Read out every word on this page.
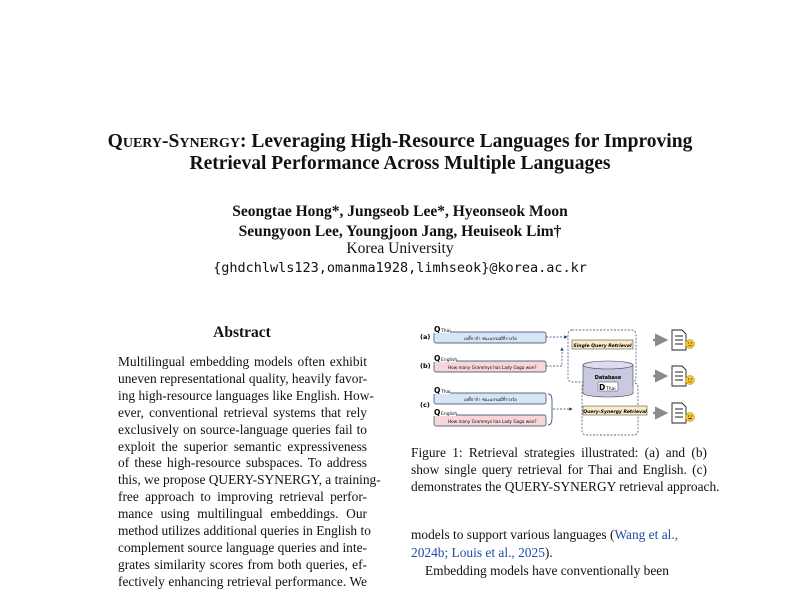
Query-Synergy: Leveraging High-Resource Languages for Improving
Retrieval Performance Across Multiple Languages
Seongtae Hong*, Jungseob Lee*, Hyeonseok Moon
Seungyoon Lee, Youngjoon Jang, Heuiseok Lim†
Korea University
{ghdchlwls123,omanma1928,limhseok}@korea.ac.kr
Abstract
Multilingual embedding models often exhibit
uneven representational quality, heavily favor-
ing high-resource languages like English. How-
ever, conventional retrieval systems that rely
exclusively on source-language queries fail to
exploit the superior semantic expressiveness
of these high-resource subspaces. To address
this, we propose QUERY-SYNERGY, a training-
free approach to improving retrieval perfor-
mance using multilingual embeddings. Our
method utilizes additional queries in English to
complement source language queries and inte-
grates similarity scores from both queries, ef-
fectively enhancing retrieval performance. We
(a)
(b)
(c)
Q Thai
เลดี้กาก้า ชนะแกรมมี่กี่รางวัล
Q English
How many Grammys has Lady Gaga won?
Q Thai
เลดี้กาก้า ชนะแกรมมี่กี่รางวัล
Q English
How many Grammys has Lady Gaga won?
Single Query Retrieval
Query-Synergy Retrieval
Database
D Thai
Figure 1: Retrieval strategies illustrated: (a) and (b)
show single query retrieval for Thai and English. (c)
demonstrates the QUERY-SYNERGY retrieval approach.
models to support various languages (Wang et al.,
2024b; Louis et al., 2025).
Embedding models have conventionally been
